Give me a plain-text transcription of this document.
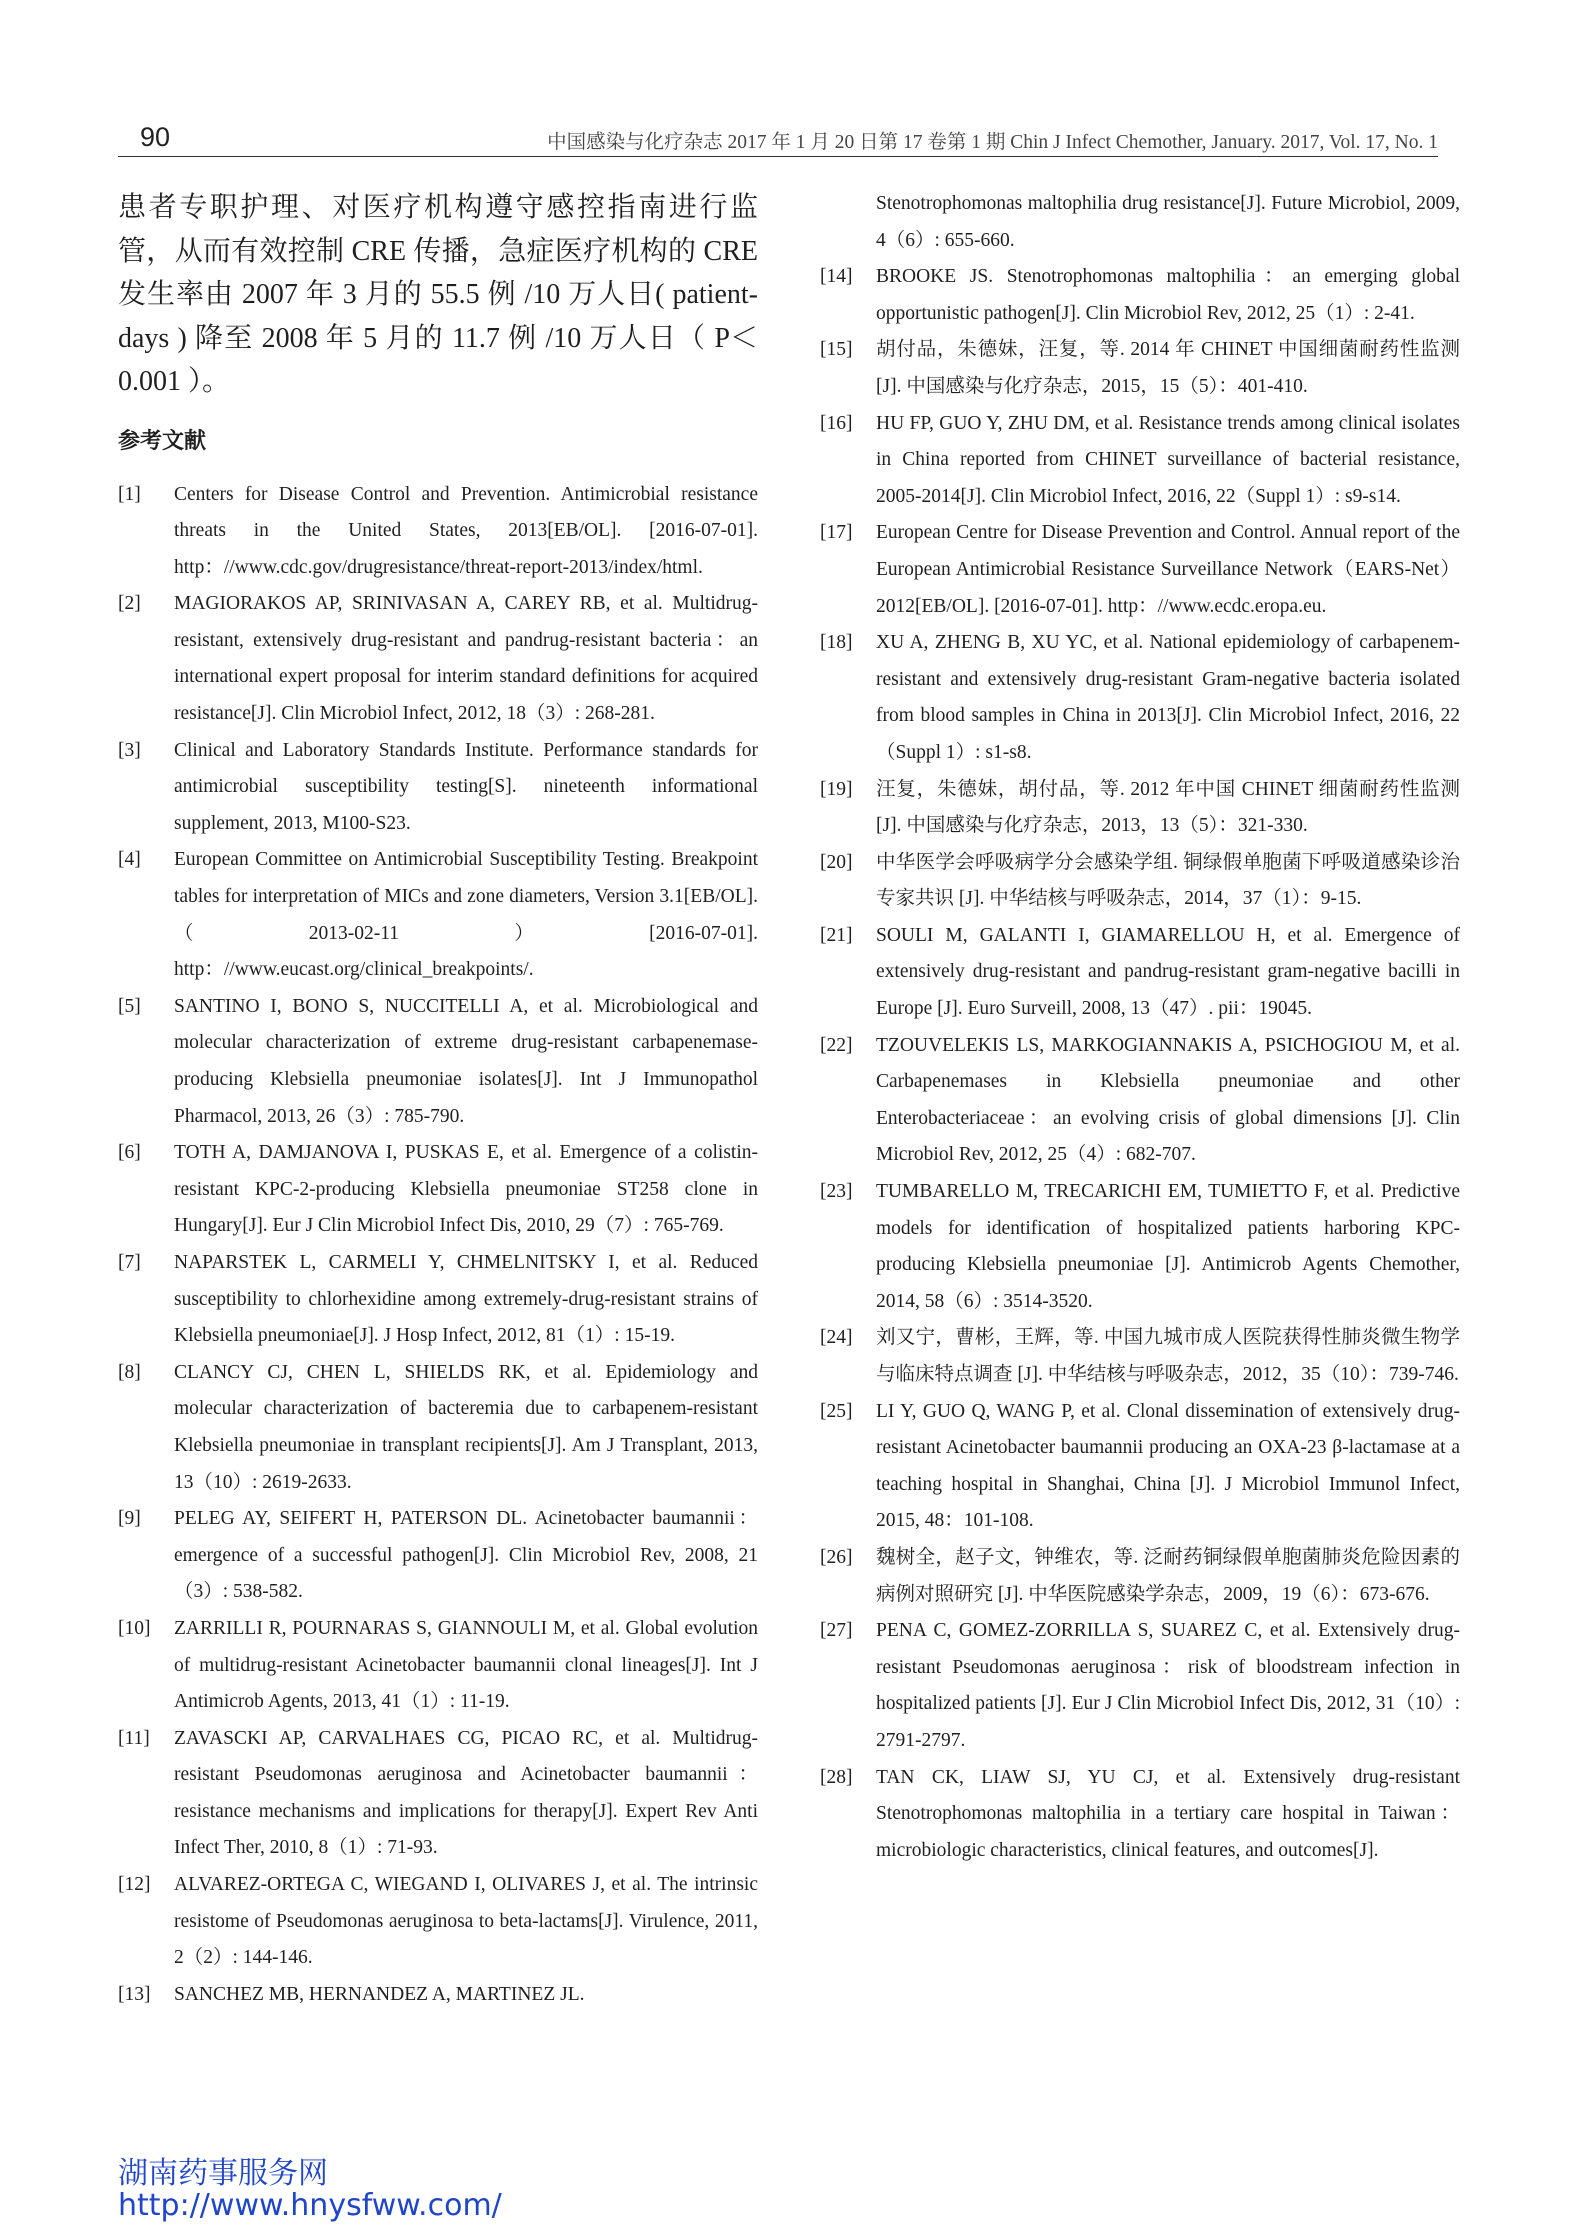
90	中国感染与化疗杂志 2017 年 1 月 20 日第 17 卷第 1 期 Chin J Infect Chemother, January. 2017, Vol. 17, No. 1

患者专职护理、对医疗机构遵守感控指南进行监管，从而有效控制 CRE 传播，急症医疗机构的 CRE 发生率由 2007 年 3 月的 55.5 例 /10 万人日( patient-days ) 降至 2008 年 5 月的 11.7 例 /10 万人日（ P＜0.001 ）。

参考文献
[1]	Centers for Disease Control and Prevention. Antimicrobial resistance threats in the United States, 2013[EB/OL]. [2016-07-01]. http：//www.cdc.gov/drugresistance/threat-report-2013/index/html.
[2]	MAGIORAKOS AP, SRINIVASAN A, CAREY RB, et al. Multidrug-resistant, extensively drug-resistant and pandrug-resistant bacteria：an international expert proposal for interim standard definitions for acquired resistance[J]. Clin Microbiol Infect, 2012, 18（3）: 268-281.
[3]	Clinical and Laboratory Standards Institute. Performance standards for antimicrobial susceptibility testing[S]. nineteenth informational supplement, 2013, M100-S23.
[4]	European Committee on Antimicrobial Susceptibility Testing. Breakpoint tables for interpretation of MICs and zone diameters, Version 3.1[EB/OL].（2013-02-11）[2016-07-01]. http：//www.eucast.org/clinical_breakpoints/.
[5]	SANTINO I, BONO S, NUCCITELLI A, et al. Microbiological and molecular characterization of extreme drug-resistant carbapenemase-producing Klebsiella pneumoniae isolates[J]. Int J Immunopathol Pharmacol, 2013, 26（3）: 785-790.
[6]	TOTH A, DAMJANOVA I, PUSKAS E, et al. Emergence of a colistin-resistant KPC-2-producing Klebsiella pneumoniae ST258 clone in Hungary[J]. Eur J Clin Microbiol Infect Dis, 2010, 29（7）: 765-769.
[7]	NAPARSTEK L, CARMELI Y, CHMELNITSKY I, et al. Reduced susceptibility to chlorhexidine among extremely-drug-resistant strains of Klebsiella pneumoniae[J]. J Hosp Infect, 2012, 81（1）: 15-19.
[8]	CLANCY CJ, CHEN L, SHIELDS RK, et al. Epidemiology and molecular characterization of bacteremia due to carbapenem-resistant Klebsiella pneumoniae in transplant recipients[J]. Am J Transplant, 2013, 13（10）: 2619-2633.
[9]	PELEG AY, SEIFERT H, PATERSON DL. Acinetobacter baumannii：emergence of a successful pathogen[J]. Clin Microbiol Rev, 2008, 21（3）: 538-582.
[10]	ZARRILLI R, POURNARAS S, GIANNOULI M, et al. Global evolution of multidrug-resistant Acinetobacter baumannii clonal lineages[J]. Int J Antimicrob Agents, 2013, 41（1）: 11-19.
[11]	ZAVASCKI AP, CARVALHAES CG, PICAO RC, et al. Multidrug-resistant Pseudomonas aeruginosa and Acinetobacter baumannii：resistance mechanisms and implications for therapy[J]. Expert Rev Anti Infect Ther, 2010, 8（1）: 71-93.
[12]	ALVAREZ-ORTEGA C, WIEGAND I, OLIVARES J, et al. The intrinsic resistome of Pseudomonas aeruginosa to beta-lactams[J]. Virulence, 2011, 2（2）: 144-146.
[13]	SANCHEZ MB, HERNANDEZ A, MARTINEZ JL.
Stenotrophomonas maltophilia drug resistance[J]. Future Microbiol, 2009, 4（6）: 655-660.
[14]	BROOKE JS. Stenotrophomonas maltophilia：an emerging global opportunistic pathogen[J]. Clin Microbiol Rev, 2012, 25（1）: 2-41.
[15]	胡付品，朱德妹，汪复，等. 2014 年 CHINET 中国细菌耐药性监测 [J]. 中国感染与化疗杂志，2015，15（5）：401-410.
[16]	HU FP, GUO Y, ZHU DM, et al. Resistance trends among clinical isolates in China reported from CHINET surveillance of bacterial resistance, 2005-2014[J]. Clin Microbiol Infect, 2016, 22（Suppl 1）: s9-s14.
[17]	European Centre for Disease Prevention and Control. Annual report of the European Antimicrobial Resistance Surveillance Network（EARS-Net）2012[EB/OL]. [2016-07-01]. http：//www.ecdc.eropa.eu.
[18]	XU A, ZHENG B, XU YC, et al. National epidemiology of carbapenem-resistant and extensively drug-resistant Gram-negative bacteria isolated from blood samples in China in 2013[J]. Clin Microbiol Infect, 2016, 22（Suppl 1）: s1-s8.
[19]	汪复，朱德妹，胡付品，等. 2012 年中国 CHINET 细菌耐药性监测 [J]. 中国感染与化疗杂志，2013，13（5）：321-330.
[20]	中华医学会呼吸病学分会感染学组. 铜绿假单胞菌下呼吸道感染诊治专家共识 [J]. 中华结核与呼吸杂志，2014，37（1）：9-15.
[21]	SOULI M, GALANTI I, GIAMARELLOU H, et al. Emergence of extensively drug-resistant and pandrug-resistant gram-negative bacilli in Europe [J]. Euro Surveill, 2008, 13（47）. pii：19045.
[22]	TZOUVELEKIS LS, MARKOGIANNAKIS A, PSICHOGIOU M, et al. Carbapenemases in Klebsiella pneumoniae and other Enterobacteriaceae：an evolving crisis of global dimensions [J]. Clin Microbiol Rev, 2012, 25（4）: 682-707.
[23]	TUMBARELLO M, TRECARICHI EM, TUMIETTO F, et al. Predictive models for identification of hospitalized patients harboring KPC-producing Klebsiella pneumoniae [J]. Antimicrob Agents Chemother, 2014, 58（6）: 3514-3520.
[24]	刘又宁，曹彬，王辉，等. 中国九城市成人医院获得性肺炎微生物学与临床特点调查 [J]. 中华结核与呼吸杂志，2012，35（10）：739-746.
[25]	LI Y, GUO Q, WANG P, et al. Clonal dissemination of extensively drug-resistant Acinetobacter baumannii producing an OXA-23 β-lactamase at a teaching hospital in Shanghai, China [J]. J Microbiol Immunol Infect, 2015, 48：101-108.
[26]	魏树全，赵子文，钟维农，等. 泛耐药铜绿假单胞菌肺炎危险因素的病例对照研究 [J]. 中华医院感染学杂志，2009，19（6）：673-676.
[27]	PENA C, GOMEZ-ZORRILLA S, SUAREZ C, et al. Extensively drug-resistant Pseudomonas aeruginosa：risk of bloodstream infection in hospitalized patients [J]. Eur J Clin Microbiol Infect Dis, 2012, 31（10）: 2791-2797.
[28]	TAN CK, LIAW SJ, YU CJ, et al. Extensively drug-resistant Stenotrophomonas maltophilia in a tertiary care hospital in Taiwan：microbiologic characteristics, clinical features, and outcomes[J].
湖南药事服务网
http://www.hnysfww.com/
